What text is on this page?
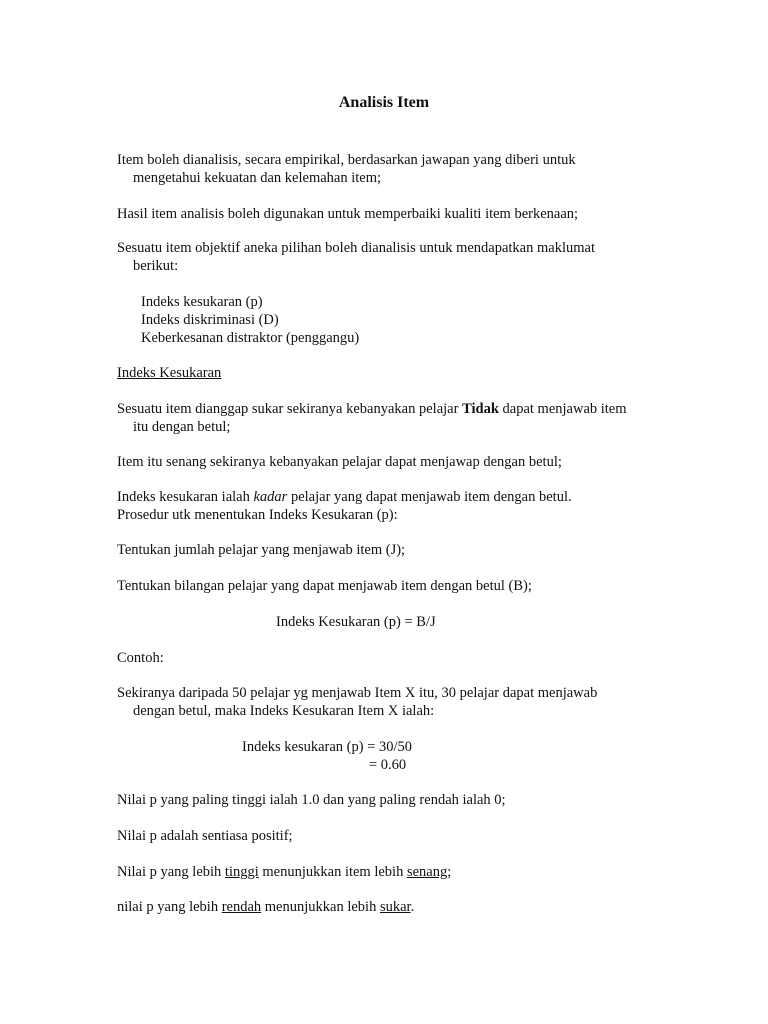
Analisis Item

Item boleh dianalisis, secara empirikal, berdasarkan jawapan yang diberi untuk
mengetahui kekuatan dan kelemahan item;

Hasil item analisis boleh digunakan untuk memperbaiki kualiti item berkenaan;

Sesuatu item objektif aneka pilihan boleh dianalisis untuk mendapatkan maklumat
berikut:

Indeks kesukaran (p)
Indeks diskriminasi (D)
Keberkesanan distraktor (penggangu)

Indeks Kesukaran

Sesuatu item dianggap sukar sekiranya kebanyakan pelajar Tidak dapat menjawab item
itu dengan betul;

Item itu senang sekiranya kebanyakan pelajar dapat menjawap dengan betul;

Indeks kesukaran ialah kadar pelajar yang dapat menjawab item dengan betul.
Prosedur utk menentukan Indeks Kesukaran (p):

Tentukan jumlah pelajar yang menjawab item (J);

Tentukan bilangan pelajar yang dapat menjawab item dengan betul (B);

Indeks Kesukaran (p) = B/J

Contoh:

Sekiranya daripada 50 pelajar yg menjawab Item X itu, 30 pelajar dapat menjawab
dengan betul, maka Indeks Kesukaran Item X ialah:

Indeks kesukaran (p) = 30/50
= 0.60

Nilai p yang paling tinggi ialah 1.0 dan yang paling rendah ialah 0;

Nilai p adalah sentiasa positif;

Nilai p yang lebih tinggi menunjukkan item lebih senang;

nilai p yang lebih rendah menunjukkan lebih sukar.
